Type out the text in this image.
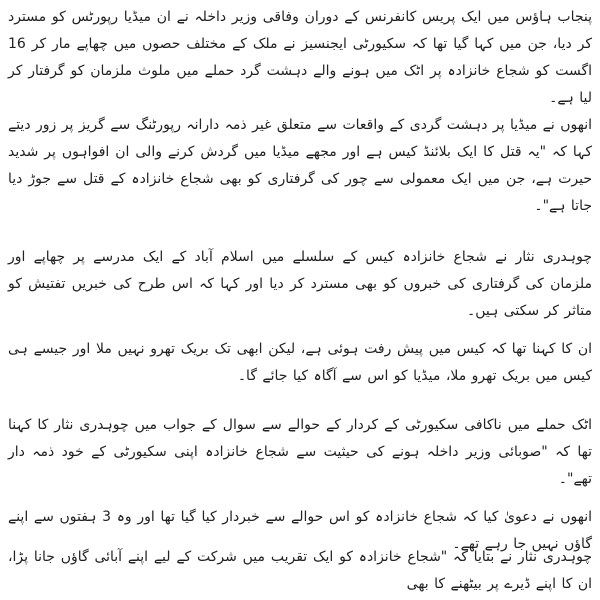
پنجاب ہاؤس میں ایک پریس کانفرنس کے دوران وفاقی وزیر داخلہ نے ان میڈیا رپورٹس کو مسترد کر دیا، جن میں کہا گیا تھا کہ سکیورٹی ایجنسیز نے ملک کے مختلف حصوں میں چھاپے مار کر 16 اگست کو شجاع خانزادہ پر اٹک میں ہونے والے دہشت گرد حملے میں ملوث ملزمان کو گرفتار کر لیا ہے۔

انھوں نے میڈیا پر دہشت گردی کے واقعات سے متعلق غیر ذمہ دارانہ رپورٹنگ سے گریز پر زور دیتے کہا کہ "یہ قتل کا ایک بلائنڈ کیس ہے اور مجھے میڈیا میں گردش کرنے والی ان افواہوں پر شدید حیرت ہے، جن میں ایک معمولی سے چور کی گرفتاری کو بھی شجاع خانزادہ کے قتل سے جوڑ دیا جاتا ہے"۔

چوہدری نثار نے شجاع خانزادہ کیس کے سلسلے میں اسلام آباد کے ایک مدرسے پر چھاپے اور ملزمان کی گرفتاری کی خبروں کو بھی مسترد کر دیا اور کہا کہ اس طرح کی خبریں تفتیش کو متاثر کر سکتی ہیں۔

ان کا کہنا تھا کہ کیس میں پیش رفت ہوئی ہے، لیکن ابھی تک بریک تھرو نہیں ملا اور جیسے ہی کیس میں بریک تھرو ملا، میڈیا کو اس سے آگاہ کیا جائے گا۔

اٹک حملے میں ناکافی سکیورٹی کے کردار کے حوالے سے سوال کے جواب میں چوہدری نثار کا کہنا تھا کہ "صوبائی وزیر داخلہ ہونے کی حیثیت سے شجاع خانزادہ اپنی سکیورٹی کے خود ذمہ دار تھے"۔

انھوں نے دعویٰ کیا کہ شجاع خانزادہ کو اس حوالے سے خبردار کیا گیا تھا اور وہ 3 ہفتوں سے اپنے گاؤں نہیں جا رہے تھے۔

چوہدری نثار نے بتایا کہ "شجاع خانزادہ کو ایک تقریب میں شرکت کے لیے اپنے آبائی گاؤں جانا پڑا، ان کا اپنے ڈیرے پر بیٹھنے کا بھی
